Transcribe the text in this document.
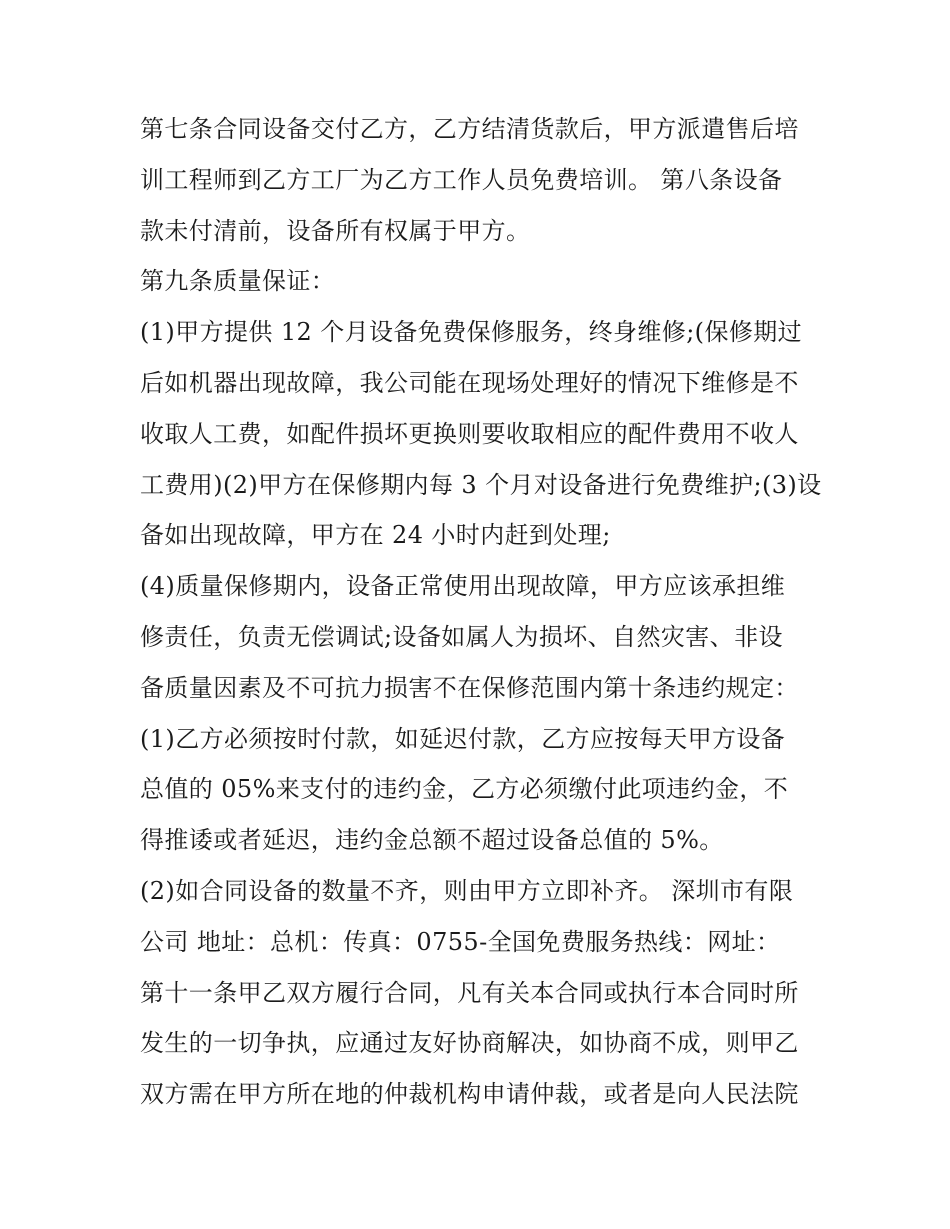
第七条合同设备交付乙方，乙方结清货款后，甲方派遣售后培
训工程师到乙方工厂为乙方工作人员免费培训。 第八条设备
款未付清前，设备所有权属于甲方。
第九条质量保证：
(1)甲方提供 12 个月设备免费保修服务，终身维修;(保修期过
后如机器出现故障，我公司能在现场处理好的情况下维修是不
收取人工费，如配件损坏更换则要收取相应的配件费用不收人
工费用)(2)甲方在保修期内每 3 个月对设备进行免费维护;(3)设
备如出现故障，甲方在 24 小时内赶到处理;
(4)质量保修期内，设备正常使用出现故障，甲方应该承担维
修责任，负责无偿调试;设备如属人为损坏、自然灾害、非设
备质量因素及不可抗力损害不在保修范围内第十条违约规定：
(1)乙方必须按时付款，如延迟付款，乙方应按每天甲方设备
总值的 05%来支付的违约金，乙方必须缴付此项违约金，不
得推诿或者延迟，违约金总额不超过设备总值的 5%。
(2)如合同设备的数量不齐，则由甲方立即补齐。 深圳市有限
公司 地址：总机：传真：0755-全国免费服务热线：网址：
第十一条甲乙双方履行合同，凡有关本合同或执行本合同时所
发生的一切争执，应通过友好协商解决，如协商不成，则甲乙
双方需在甲方所在地的仲裁机构申请仲裁，或者是向人民法院
